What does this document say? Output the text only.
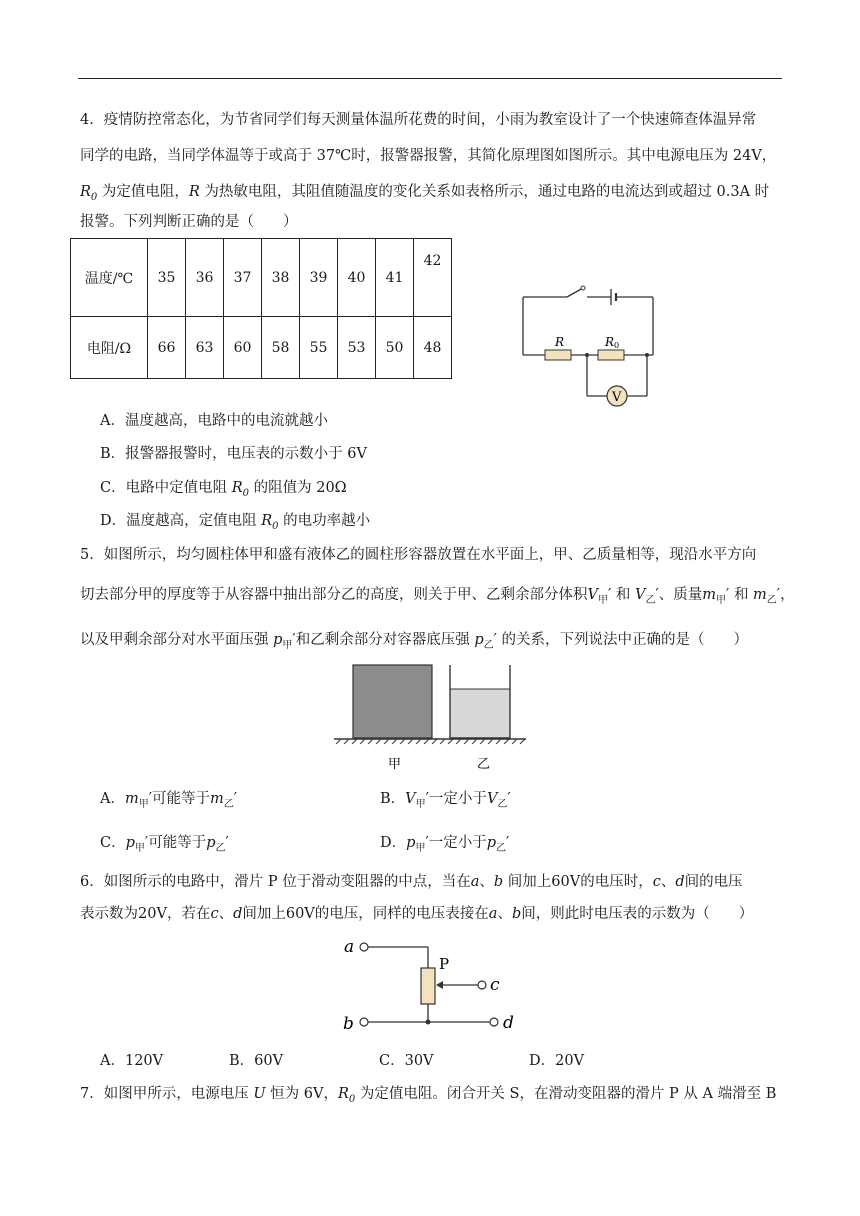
4．疫情防控常态化，为节省同学们每天测量体温所花费的时间，小雨为教室设计了一个快速筛查体温异常
同学的电路，当同学体温等于或高于 37℃时，报警器报警，其简化原理图如图所示。其中电源电压为 24V，
$R_0$ 为定值电阻，R 为热敏电阻，其阻值随温度的变化关系如表格所示，通过电路的电流达到或超过 0.3A 时
报警。下列判断正确的是（　　）
温度/℃	35	36	37	38	39	40	41	42
电阻/Ω	66	63	60	58	55	53	50	48
V
R	R 0
A．温度越高，电路中的电流就越小
B．报警器报警时，电压表的示数小于 6V
C．电路中定值电阻 $R_0$ 的阻值为 20Ω
D．温度越高，定值电阻 $R_0$ 的电功率越小
5．如图所示，均匀圆柱体甲和盛有液体乙的圆柱形容器放置在水平面上，甲、乙质量相等，现沿水平方向
切去部分甲的厚度等于从容器中抽出部分乙的高度，则关于甲、乙剩余部分体积$V_甲'$ 和 $V_乙'$、质量$m_甲'$ 和 $m_乙'$，
以及甲剩余部分对水平面压强 $p_甲'$和乙剩余部分对容器底压强 $p_乙'$ 的关系，下列说法中正确的是（　　）
甲	乙
A．$m_甲'$可能等于$m_乙'$	B．$V_甲'$一定小于$V_乙'$
C．$p_甲'$可能等于$p_乙'$	D．$p_甲'$一定小于$p_乙'$
6．如图所示的电路中，滑片 P 位于滑动变阻器的中点，当在a、b 间加上60V的电压时，c、d间的电压
表示数为20V，若在c、d间加上60V的电压，同样的电压表接在a、b间，则此时电压表的示数为（　　）
a
b
c
d
P
A．120V	B．60V	C．30V	D．20V
7．如图甲所示，电源电压 U 恒为 6V，$R_0$ 为定值电阻。闭合开关 S，在滑动变阻器的滑片 P 从 A 端滑至 B
